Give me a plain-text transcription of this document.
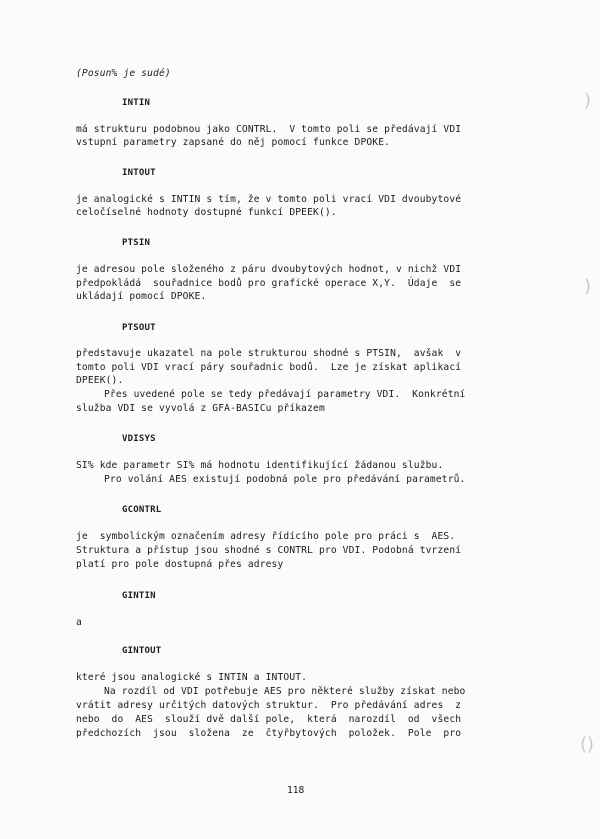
(Posun% je sudé)
INTIN
má strukturu podobnou jako CONTRL.  V tomto poli se předávají VDI
vstupní parametry zapsané do něj pomocí funkce DPOKE.
INTOUT
je analogické s INTIN s tím, že v tomto poli vrací VDI dvoubytové
celočíselné hodnoty dostupné funkcí DPEEK().
PTSIN
je adresou pole složeného z páru dvoubytových hodnot, v nichž VDI
předpokládá  souřadnice bodů pro grafické operace X,Y.  Údaje  se
ukládají pomocí DPOKE.
PTSOUT
představuje ukazatel na pole strukturou shodné s PTSIN,  avšak  v
tomto poli VDI vrací páry souřadnic bodů.  Lze je získat aplikací
DPEEK().
Přes uvedené pole se tedy předávají parametry VDI.  Konkrétní
služba VDI se vyvolá z GFA-BASICu příkazem
VDISYS
SI% kde parametr SI% má hodnotu identifikující žádanou službu.
Pro volání AES existují podobná pole pro předávání parametrů.
GCONTRL
je  symbolickým označením adresy řídícího pole pro práci s  AES.
Struktura a přístup jsou shodné s CONTRL pro VDI. Podobná tvrzení
platí pro pole dostupná přes adresy
GINTIN
a
GINTOUT
které jsou analogické s INTIN a INTOUT.
Na rozdíl od VDI potřebuje AES pro některé služby získat nebo
vrátit adresy určitých datových struktur.  Pro předávání adres  z
nebo  do  AES  slouží dvě další pole,  která  narozdíl  od  všech
předchozích  jsou  složena  ze  čtyřbytových  položek.  Pole  pro
118
)
)
()
